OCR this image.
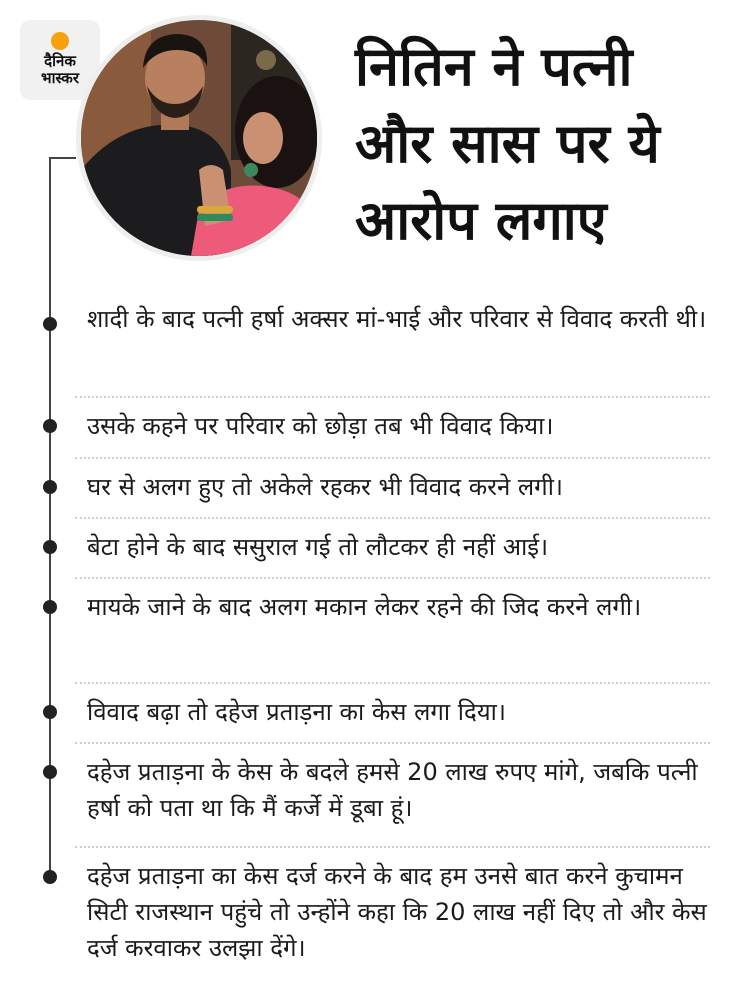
दैनिक
भास्कर	नितिन ने पत्नी
और सास पर ये
आरोप लगाए
शादी के बाद पत्नी हर्षा अक्सर मां-भाई और परिवार से विवाद करती थी।
उसके कहने पर परिवार को छोड़ा तब भी विवाद किया।
घर से अलग हुए तो अकेले रहकर भी विवाद करने लगी।
बेटा होने के बाद ससुराल गई तो लौटकर ही नहीं आई।
मायके जाने के बाद अलग मकान लेकर रहने की जिद करने लगी।
विवाद बढ़ा तो दहेज प्रताड़ना का केस लगा दिया।
दहेज प्रताड़ना के केस के बदले हमसे 20 लाख रुपए मांगे, जबकि पत्नी हर्षा को पता था कि मैं कर्जे में डूबा हूं।
दहेज प्रताड़ना का केस दर्ज करने के बाद हम उनसे बात करने कुचामन सिटी राजस्थान पहुंचे तो उन्होंने कहा कि 20 लाख नहीं दिए तो और केस दर्ज करवाकर उलझा देंगे।
